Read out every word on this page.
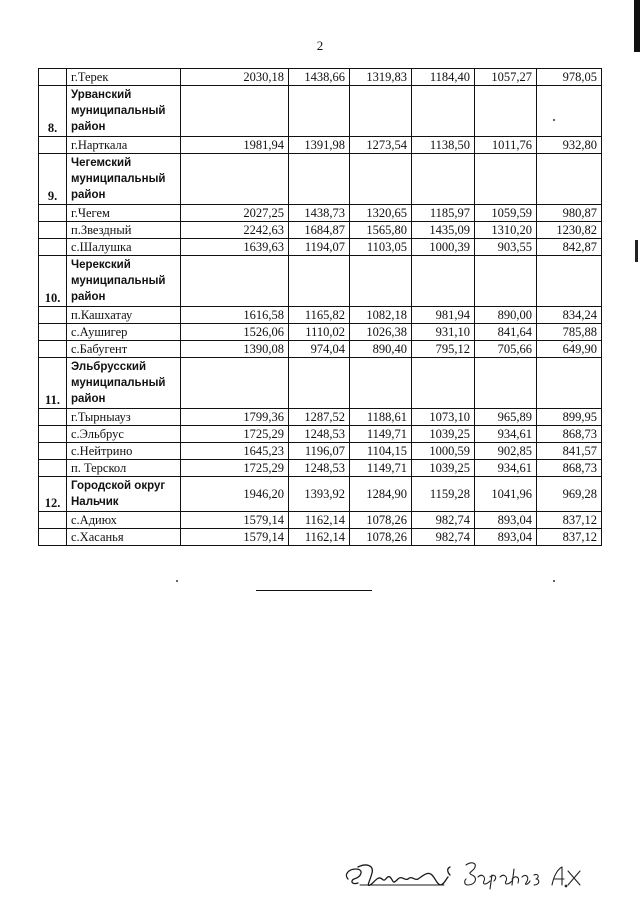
2
	г.Терек	2030,18	1438,66	1319,83	1184,40	1057,27	978,05
8.	Урванский муниципальный район						
	г.Нарткала	1981,94	1391,98	1273,54	1138,50	1011,76	932,80
9.	Чегемский муниципальный район						
	г.Чегем	2027,25	1438,73	1320,65	1185,97	1059,59	980,87
	п.Звездный	2242,63	1684,87	1565,80	1435,09	1310,20	1230,82
	с.Шалушка	1639,63	1194,07	1103,05	1000,39	903,55	842,87
10.	Черекский муниципальный район						
	п.Кашхатау	1616,58	1165,82	1082,18	981,94	890,00	834,24
	с.Аушигер	1526,06	1110,02	1026,38	931,10	841,64	785,88
	с.Бабугент	1390,08	974,04	890,40	795,12	705,66	649,90
11.	Эльбрусский муниципальный район						
	г.Тырныауз	1799,36	1287,52	1188,61	1073,10	965,89	899,95
	с.Эльбрус	1725,29	1248,53	1149,71	1039,25	934,61	868,73
	с.Нейтрино	1645,23	1196,07	1104,15	1000,59	902,85	841,57
	п. Терскол	1725,29	1248,53	1149,71	1039,25	934,61	868,73
12.	Городской округ Нальчик	1946,20	1393,92	1284,90	1159,28	1041,96	969,28
	с.Адиюх	1579,14	1162,14	1078,26	982,74	893,04	837,12
	с.Хасанья	1579,14	1162,14	1078,26	982,74	893,04	837,12
